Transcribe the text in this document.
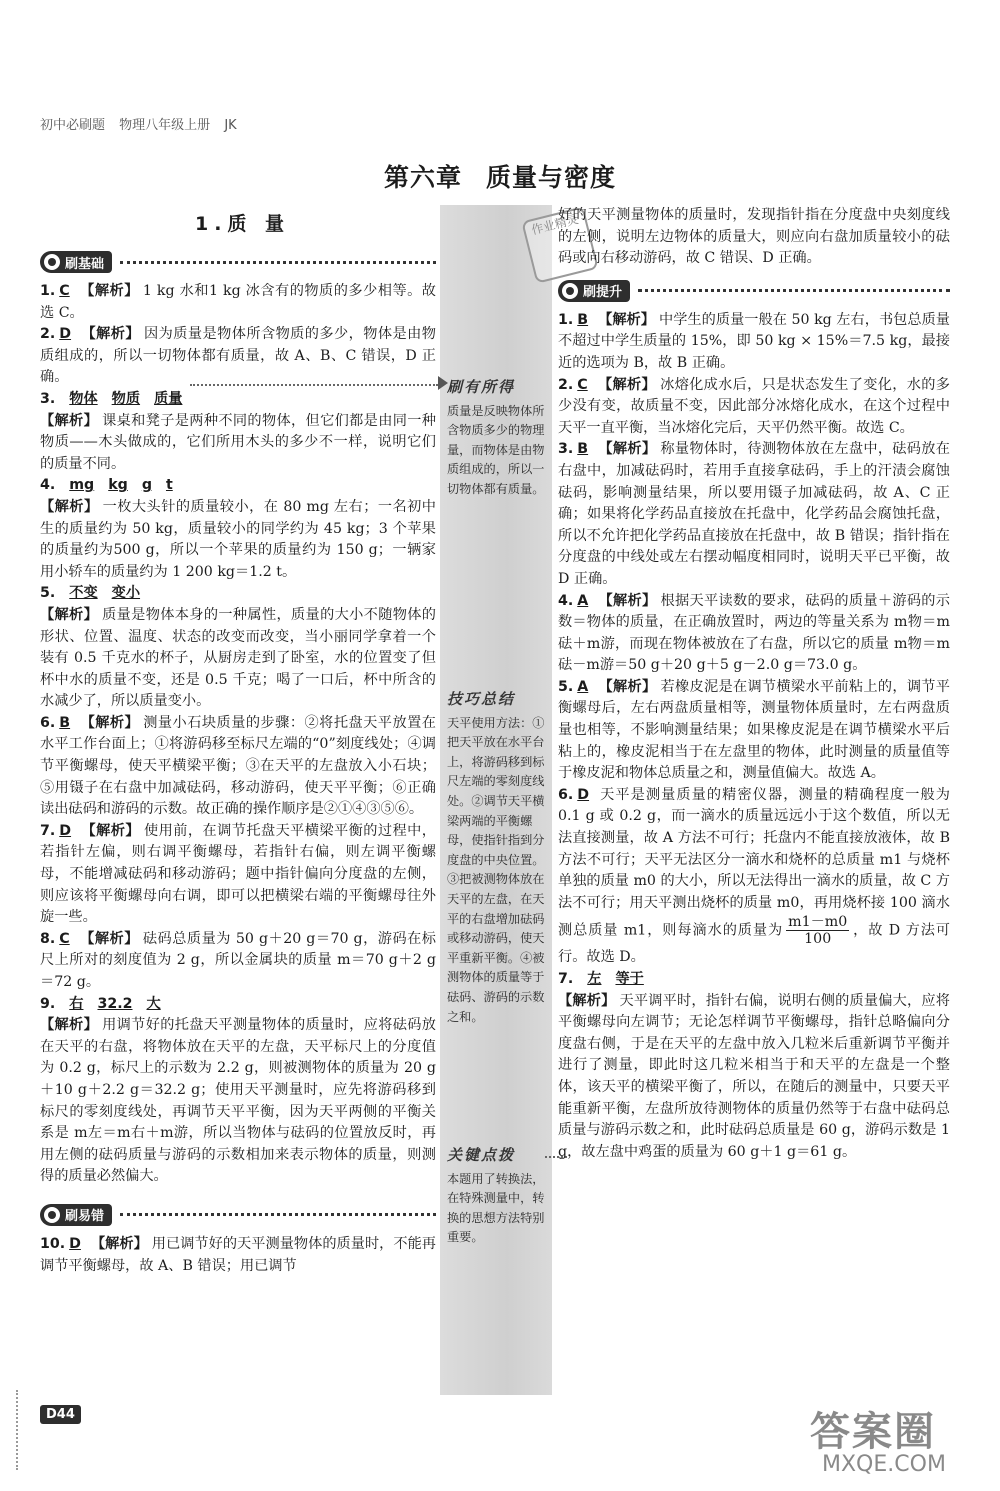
初中必刷题 物理八年级上册 JK
第六章 质量与密度
1.质 量	作业精灵
刷有所得
质量是反映物体所含物质多少的物理量，而物体是由物质组成的，所以一切物体都有质量。
技巧总结
天平使用方法：①把天平放在水平台上，将游码移到标尺左端的零刻度线处。②调节天平横梁两端的平衡螺母，使指针指到分度盘的中央位置。③把被测物体放在天平的左盘，在天平的右盘增加砝码或移动游码，使天平重新平衡。④被测物体的质量等于砝码、游码的示数之和。
关键点拨
本题用了转换法，在特殊测量中，转换的思想方法特别重要。
刷基础
1. C 【解析】 1 kg 水和1 kg 冰含有的物质的多少相等。故选 C。
2. D 【解析】 因为质量是物体所含物质的多少，物体是由物质组成的，所以一切物体都有质量，故 A、B、C 错误，D 正确。
3. 物体 物质 质量
【解析】 课桌和凳子是两种不同的物体，但它们都是由同一种物质——木头做成的，它们所用木头的多少不一样，说明它们的质量不同。
4. mg kg g t
【解析】 一枚大头针的质量较小，在 80 mg 左右；一名初中生的质量约为 50 kg，质量较小的同学约为 45 kg；3 个苹果的质量约为500 g，所以一个苹果的质量约为 150 g；一辆家用小轿车的质量约为 1 200 kg＝1.2 t。
5. 不变 变小
【解析】 质量是物体本身的一种属性，质量的大小不随物体的形状、位置、温度、状态的改变而改变，当小丽同学拿着一个装有 0.5 千克水的杯子，从厨房走到了卧室，水的位置变了但杯中水的质量不变，还是 0.5 千克；喝了一口后，杯中所含的水减少了，所以质量变小。
6. B 【解析】 测量小石块质量的步骤：②将托盘天平放置在水平工作台面上；①将游码移至标尺左端的“0”刻度线处；④调节平衡螺母，使天平横梁平衡；③在天平的左盘放入小石块；⑤用镊子在右盘中加减砝码，移动游码，使天平平衡；⑥正确读出砝码和游码的示数。故正确的操作顺序是②①④③⑤⑥。
7. D 【解析】 使用前，在调节托盘天平横梁平衡的过程中，若指针左偏，则右调平衡螺母，若指针右偏，则左调平衡螺母，不能增减砝码和移动游码；题中指针偏向分度盘的左侧，则应该将平衡螺母向右调，即可以把横梁右端的平衡螺母往外旋一些。
8. C 【解析】 砝码总质量为 50 g＋20 g＝70 g，游码在标尺上所对的刻度值为 2 g，所以金属块的质量 m＝70 g＋2 g＝72 g。
9. 右 32.2 大
【解析】 用调节好的托盘天平测量物体的质量时，应将砝码放在天平的右盘，将物体放在天平的左盘，天平标尺上的分度值为 0.2 g，标尺上的示数为 2.2 g，则被测物体的质量为 20 g＋10 g＋2.2 g＝32.2 g；使用天平测量时，应先将游码移到标尺的零刻度线处，再调节天平平衡，因为天平两侧的平衡关系是 m左＝m右＋m游，所以当物体与砝码的位置放反时，再用左侧的砝码质量与游码的示数相加来表示物体的质量，则测得的质量必然偏大。
刷易错
10. D 【解析】 用已调节好的天平测量物体的质量时，不能再调节平衡螺母，故 A、B 错误；用已调节
好的天平测量物体的质量时，发现指针指在分度盘中央刻度线的左侧，说明左边物体的质量大，则应向右盘加质量较小的砝码或向右移动游码，故 C 错误、D 正确。
刷提升
1. B 【解析】 中学生的质量一般在 50 kg 左右，书包总质量不超过中学生质量的 15%，即 50 kg × 15%＝7.5 kg，最接近的选项为 B，故 B 正确。
2. C 【解析】 冰熔化成水后，只是状态发生了变化，水的多少没有变，故质量不变，因此部分冰熔化成水，在这个过程中天平一直平衡，当冰熔化完后，天平仍然平衡。故选 C。
3. B 【解析】 称量物体时，待测物体放在左盘中，砝码放在右盘中，加减砝码时，若用手直接拿砝码，手上的汗渍会腐蚀砝码，影响测量结果，所以要用镊子加减砝码，故 A、C 正确；如果将化学药品直接放在托盘中，化学药品会腐蚀托盘，所以不允许把化学药品直接放在托盘中，故 B 错误；指针指在分度盘的中线处或左右摆动幅度相同时，说明天平已平衡，故 D 正确。
4. A 【解析】 根据天平读数的要求，砝码的质量＋游码的示数＝物体的质量，在正确放置时，两边的等量关系为 m物＝m砝＋m游，而现在物体被放在了右盘，所以它的质量 m物＝m砝－m游＝50 g＋20 g＋5 g－2.0 g＝73.0 g。
5. A 【解析】 若橡皮泥是在调节横梁水平前粘上的，调节平衡螺母后，左右两盘质量相等，测量物体质量时，左右两盘质量也相等，不影响测量结果；如果橡皮泥是在调节横梁水平后粘上的，橡皮泥相当于在左盘里的物体，此时测量的质量值等于橡皮泥和物体总质量之和，测量值偏大。故选 A。
6. D 天平是测量质量的精密仪器，测量的精确程度一般为 0.1 g 或 0.2 g，而一滴水的质量远远小于这个数值，所以无法直接测量，故 A 方法不可行；托盘内不能直接放液体，故 B 方法不可行；天平无法区分一滴水和烧杯的总质量 m1 与烧杯单独的质量 m0 的大小，所以无法得出一滴水的质量，故 C 方法不可行；用天平测出烧杯的质量 m0，再用烧杯接 100 滴水测总质量 m1，则每滴水的质量为 $\frac{m1-m0}{100}$ ，故 D 方法可行。故选 D。
7. 左 等于
【解析】 天平调平时，指针右偏，说明右侧的质量偏大，应将平衡螺母向左调节；无论怎样调节平衡螺母，指针总略偏向分度盘右侧，于是在天平的左盘中放入几粒米后重新调节平衡并进行了测量，即此时这几粒米相当于和天平的左盘是一个整体，该天平的横梁平衡了，所以，在随后的测量中，只要天平能重新平衡，左盘所放待测物体的质量仍然等于右盘中砝码总质量与游码示数之和，此时砝码总质量是 60 g，游码示数是 1 g，故左盘中鸡蛋的质量为 60 g＋1 g＝61 g。
D44	答案圈
MXQE.COM
